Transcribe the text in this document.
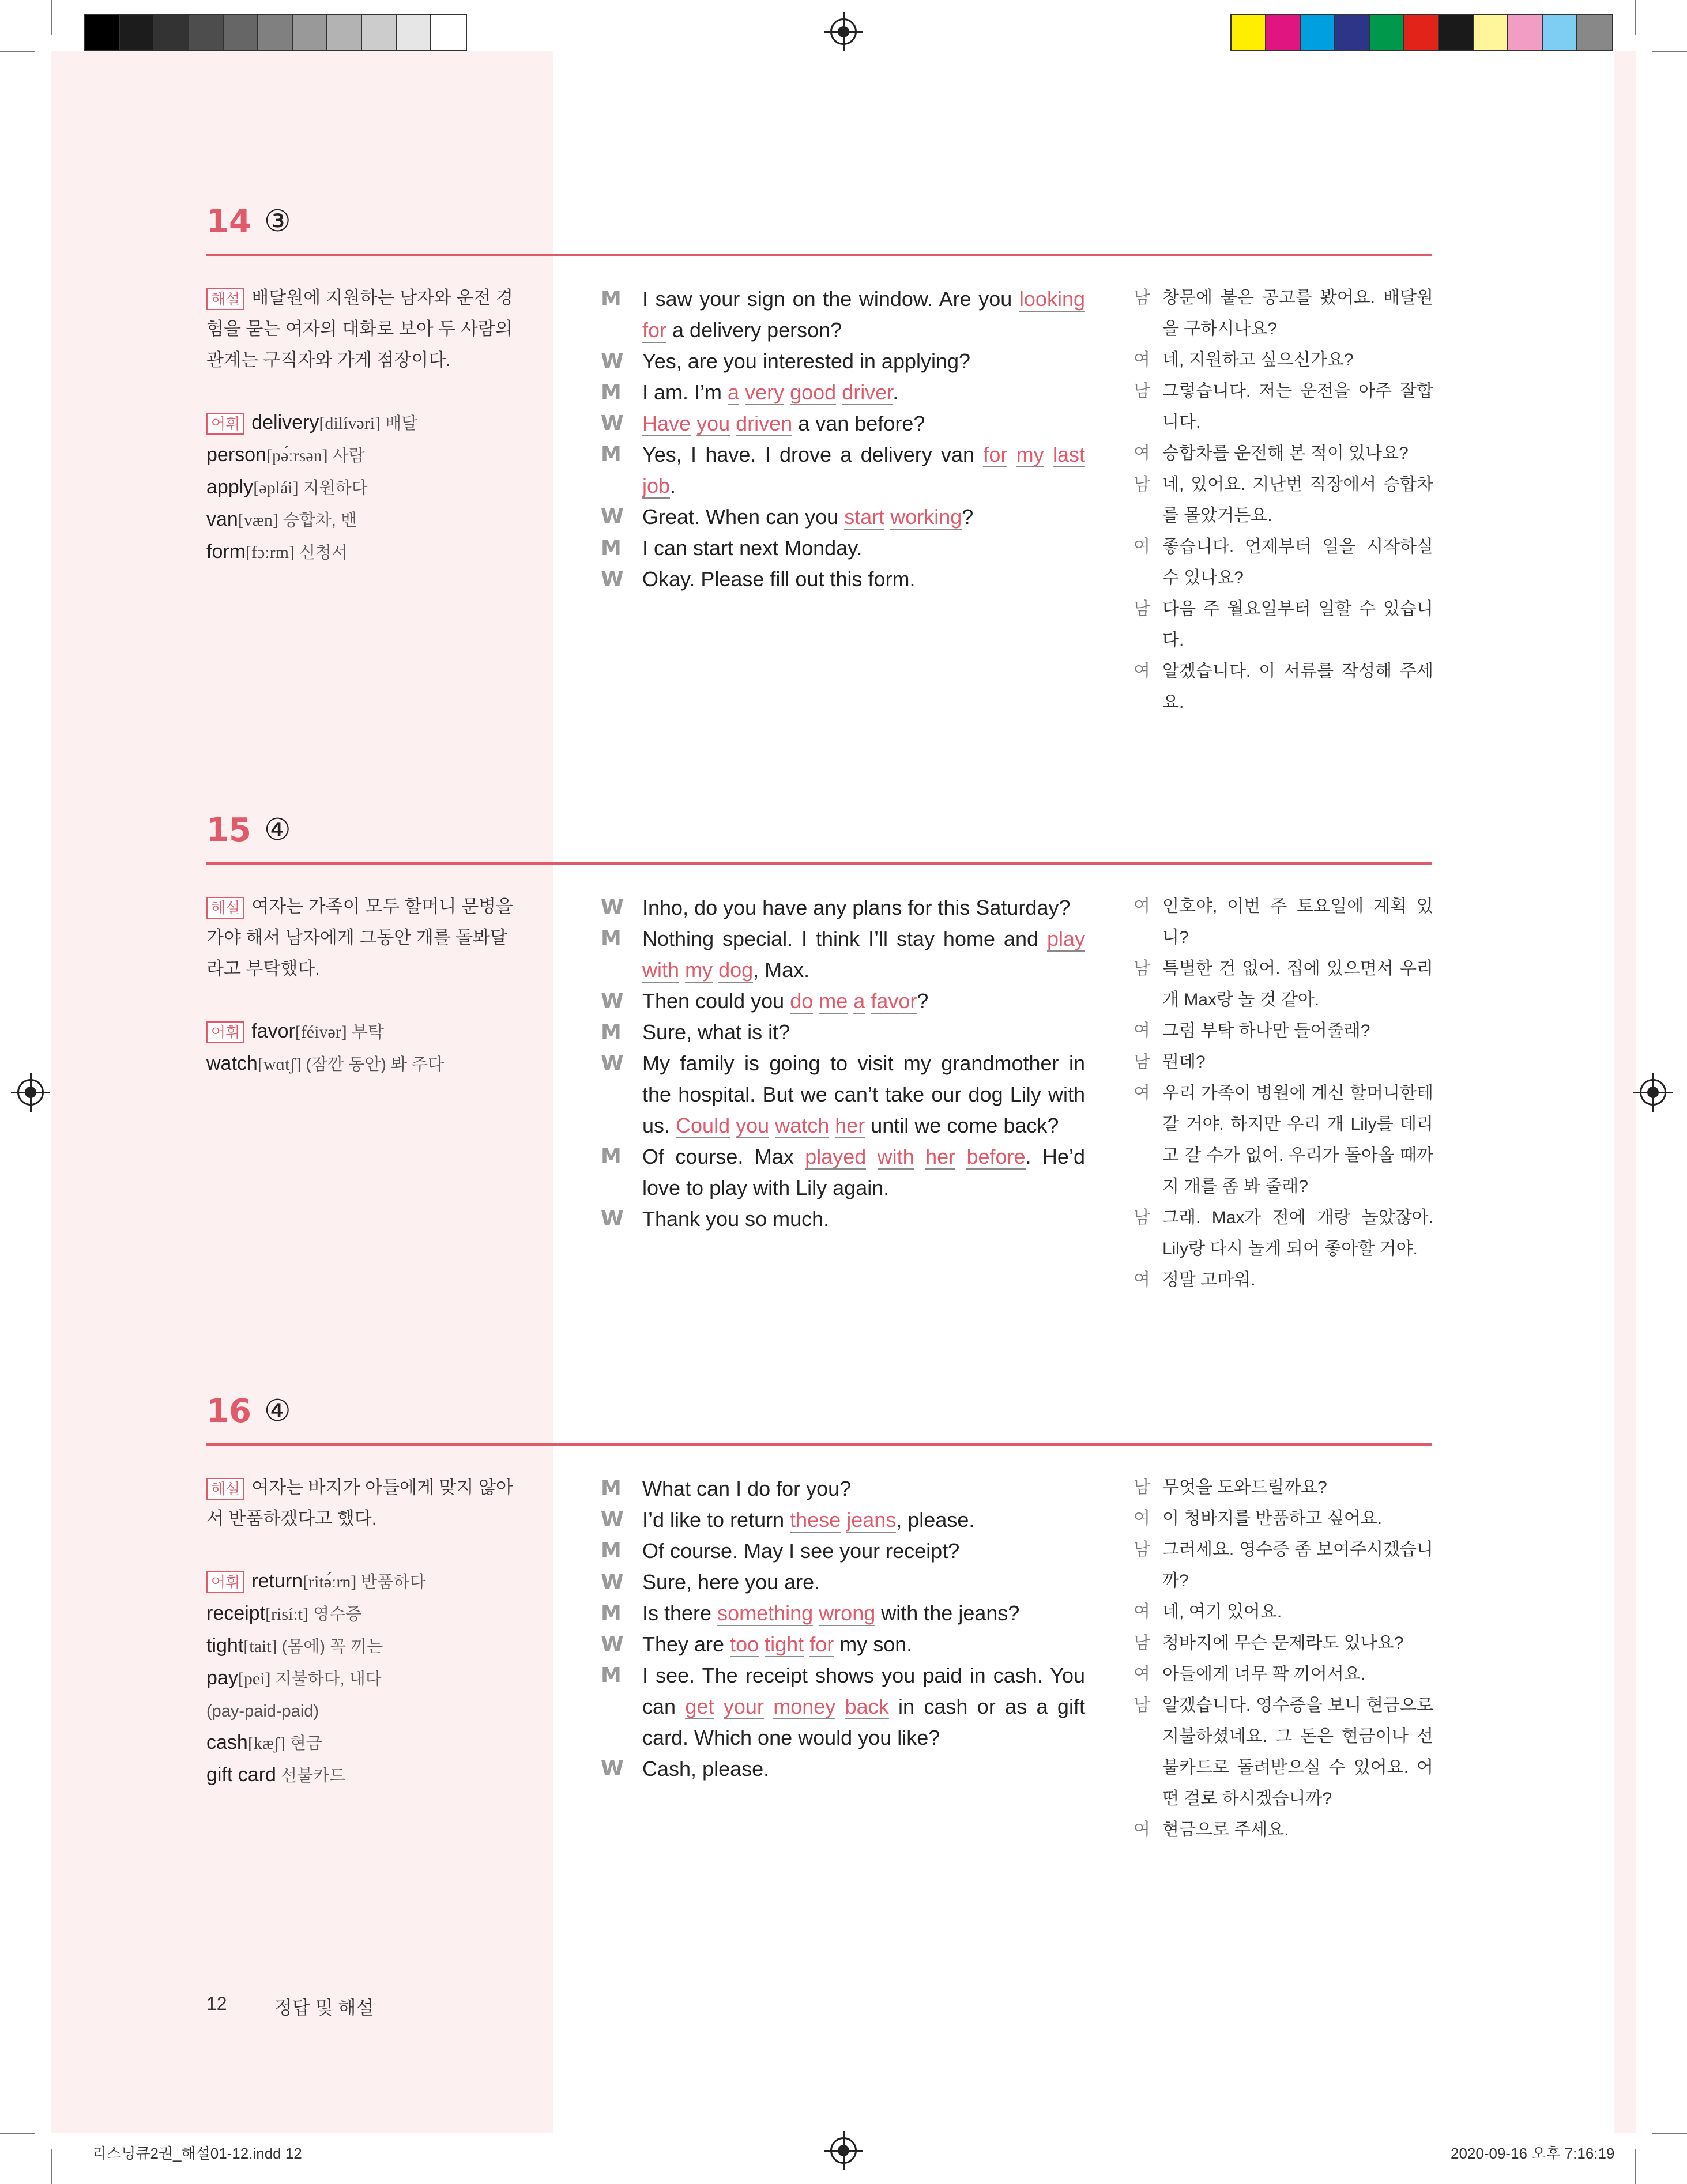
14 ③
해설 배달원에 지원하는 남자와 운전 경험을 묻는 여자의 대화로 보아 두 사람의 관계는 구직자와 가게 점장이다.
어휘 delivery[dilívəri] 배달
person[pə́ːrsən] 사람
apply[əplái] 지원하다
van[væn] 승합차, 밴
form[fɔːrm] 신청서
M I saw your sign on the window. Are you looking for a delivery person?
W Yes, are you interested in applying?
M I am. I’m a very good driver.
W Have you driven a van before?
M Yes, I have. I drove a delivery van for my last job.
W Great. When can you start working?
M I can start next Monday.
W Okay. Please fill out this form.
남 창문에 붙은 공고를 봤어요. 배달원을 구하시나요?
여 네, 지원하고 싶으신가요?
남 그렇습니다. 저는 운전을 아주 잘합니다.
여 승합차를 운전해 본 적이 있나요?
남 네, 있어요. 지난번 직장에서 승합차를 몰았거든요.
여 좋습니다. 언제부터 일을 시작하실 수 있나요?
남 다음 주 월요일부터 일할 수 있습니다.
여 알겠습니다. 이 서류를 작성해 주세요.
15 ④
해설 여자는 가족이 모두 할머니 문병을 가야 해서 남자에게 그동안 개를 돌봐달라고 부탁했다.
어휘 favor[féivər] 부탁
watch[wɑtʃ] (잠깐 동안) 봐 주다
W Inho, do you have any plans for this Saturday?
M Nothing special. I think I’ll stay home and play with my dog, Max.
W Then could you do me a favor?
M Sure, what is it?
W My family is going to visit my grandmother in the hospital. But we can’t take our dog Lily with us. Could you watch her until we come back?
M Of course. Max played with her before. He’d love to play with Lily again.
W Thank you so much.
여 인호야, 이번 주 토요일에 계획 있니?
남 특별한 건 없어. 집에 있으면서 우리 개 Max랑 놀 것 같아.
여 그럼 부탁 하나만 들어줄래?
남 뭔데?
여 우리 가족이 병원에 계신 할머니한테 갈 거야. 하지만 우리 개 Lily를 데리고 갈 수가 없어. 우리가 돌아올 때까지 개를 좀 봐 줄래?
남 그래. Max가 전에 개랑 놀았잖아. Lily랑 다시 놀게 되어 좋아할 거야.
여 정말 고마워.
16 ④
해설 여자는 바지가 아들에게 맞지 않아서 반품하겠다고 했다.
어휘 return[ritə́ːrn] 반품하다
receipt[risíːt] 영수증
tight[tait] (몸에) 꼭 끼는
pay[pei] 지불하다, 내다
(pay-paid-paid)
cash[kæʃ] 현금
gift card 선불카드
M What can I do for you?
W I’d like to return these jeans, please.
M Of course. May I see your receipt?
W Sure, here you are.
M Is there something wrong with the jeans?
W They are too tight for my son.
M I see. The receipt shows you paid in cash. You can get your money back in cash or as a gift card. Which one would you like?
W Cash, please.
남 무엇을 도와드릴까요?
여 이 청바지를 반품하고 싶어요.
남 그러세요. 영수증 좀 보여주시겠습니까?
여 네, 여기 있어요.
남 청바지에 무슨 문제라도 있나요?
여 아들에게 너무 꽉 끼어서요.
남 알겠습니다. 영수증을 보니 현금으로 지불하셨네요. 그 돈은 현금이나 선불카드로 돌려받으실 수 있어요. 어떤 걸로 하시겠습니까?
여 현금으로 주세요.
12	정답 및 해설
리스닝큐2권_해설01-12.indd 12	2020-09-16 오후 7:16:19
